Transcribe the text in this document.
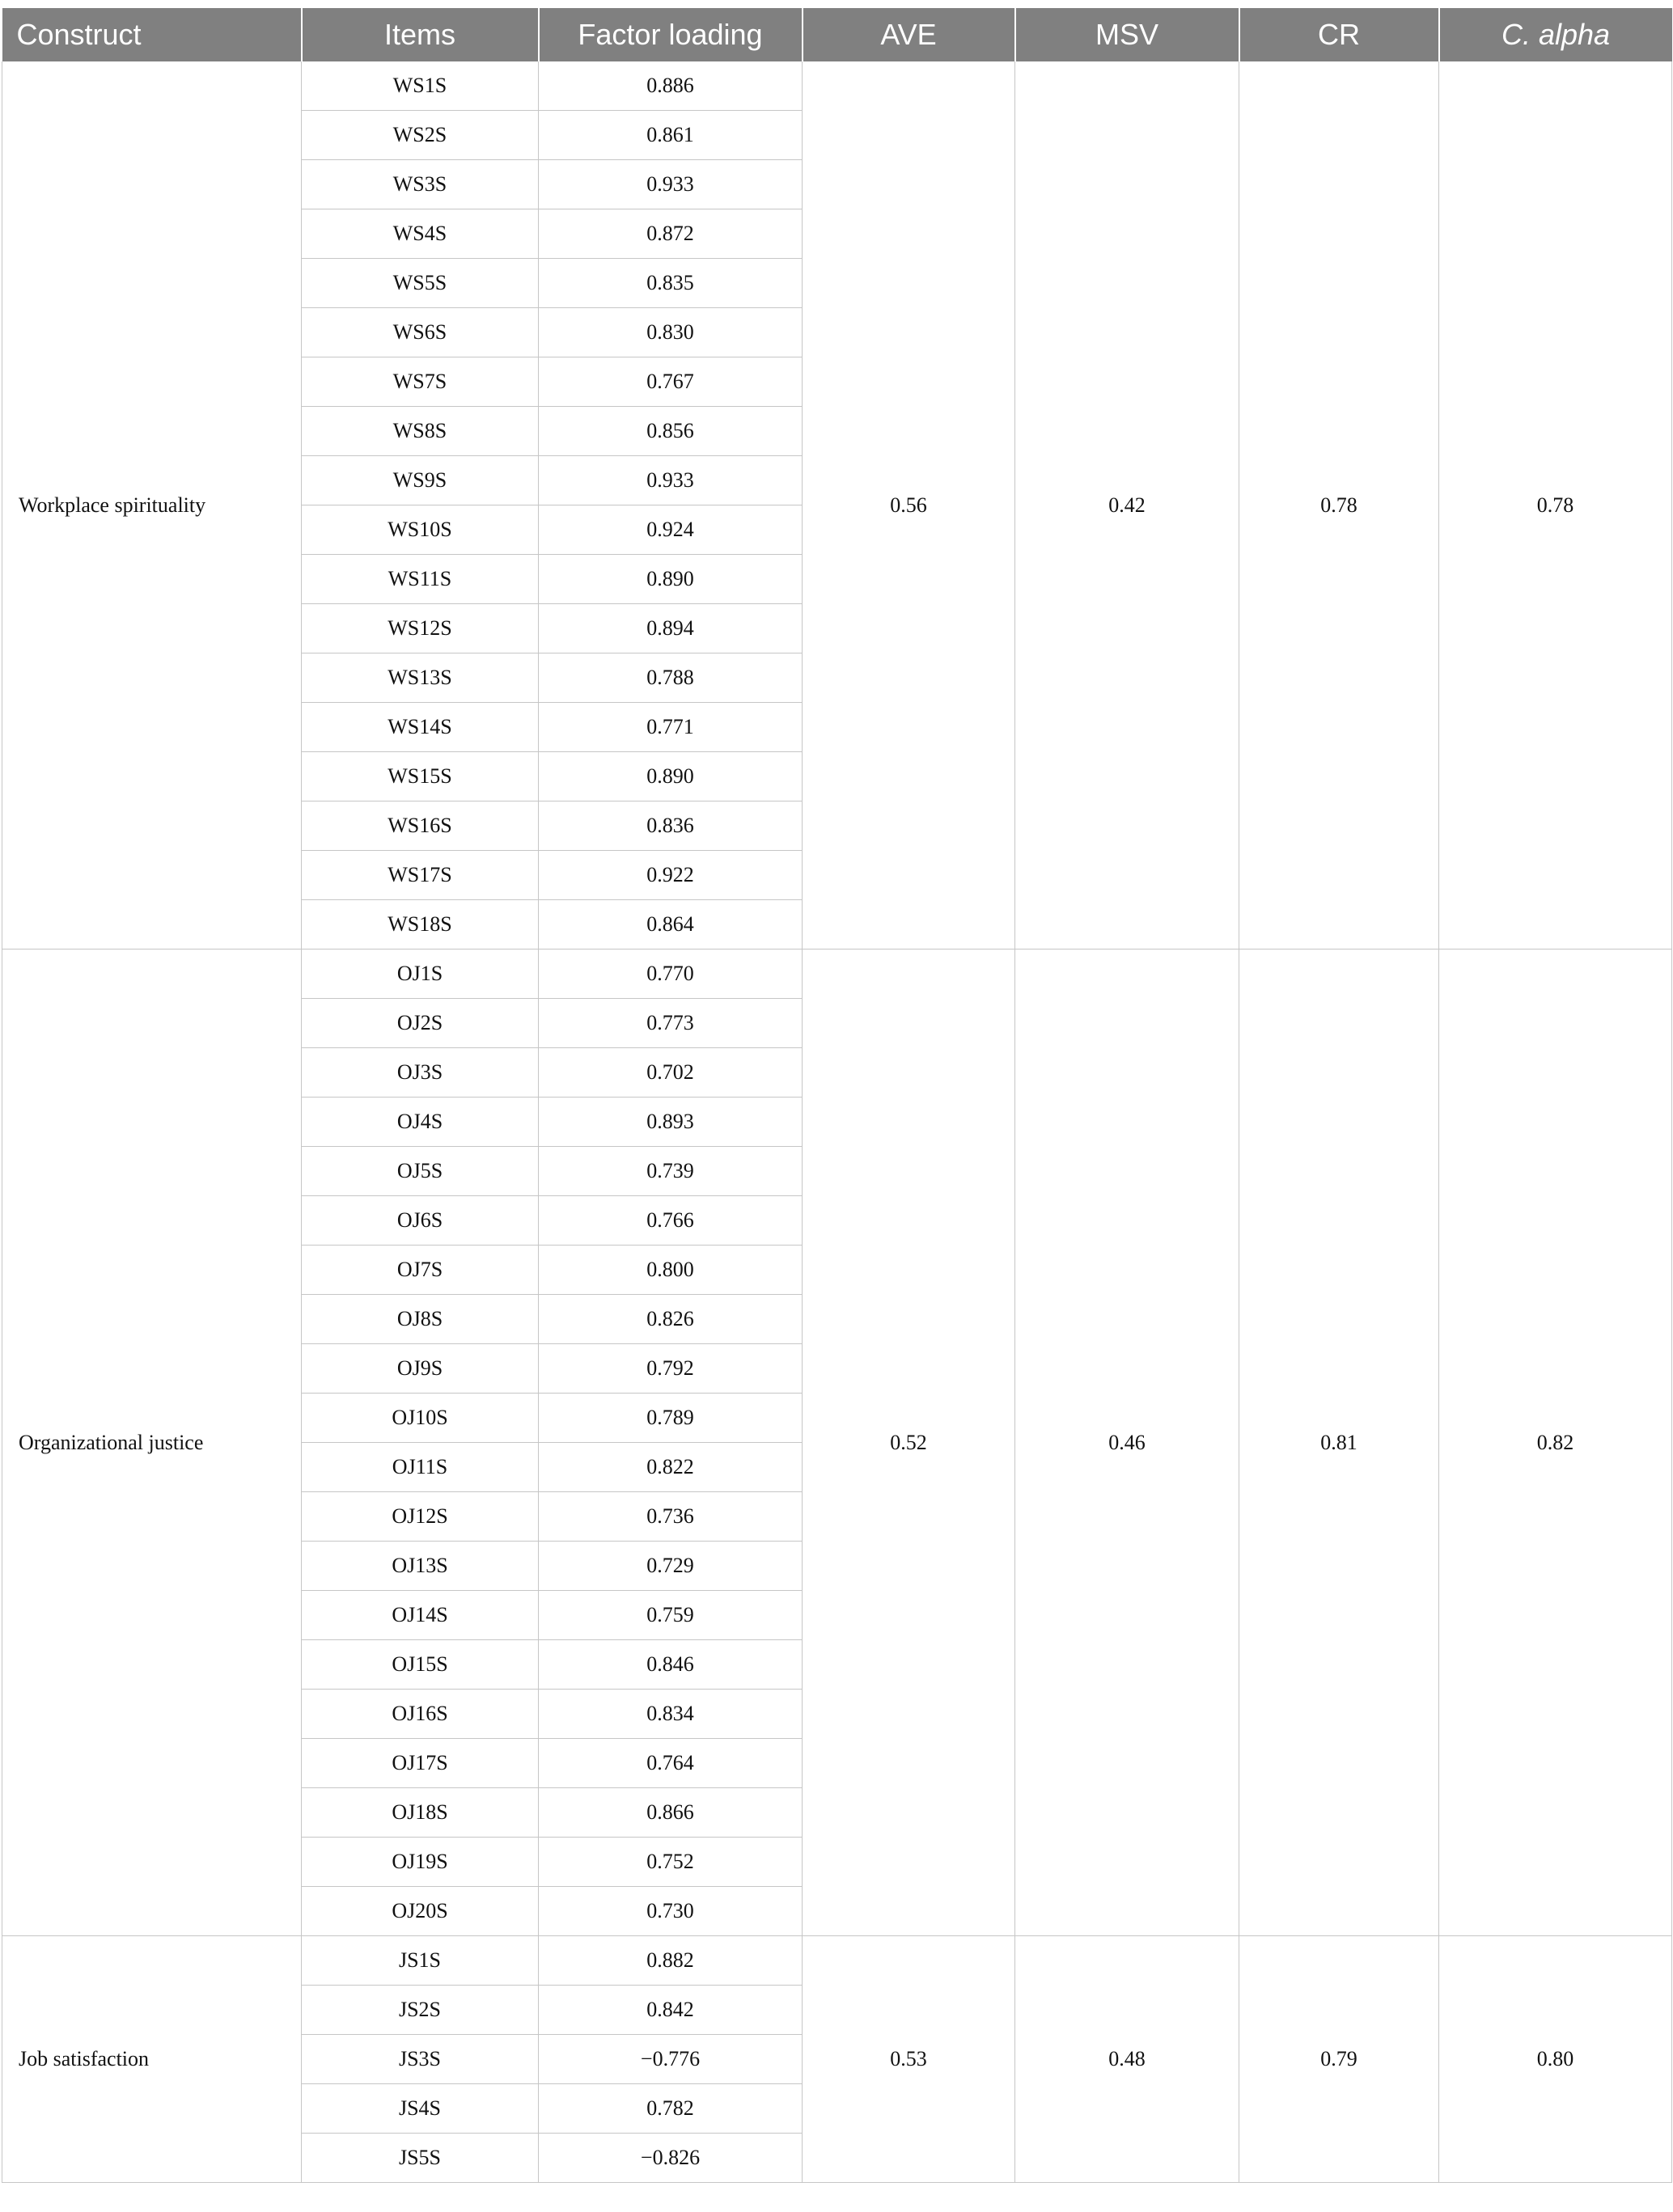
Construct	Items	Factor loading	AVE	MSV	CR	C. alpha
Workplace spirituality	WS1S	0.886	0.56	0.42	0.78	0.78
	WS2S	0.861				
	WS3S	0.933				
	WS4S	0.872				
	WS5S	0.835				
	WS6S	0.830				
	WS7S	0.767				
	WS8S	0.856				
	WS9S	0.933				
	WS10S	0.924				
	WS11S	0.890				
	WS12S	0.894				
	WS13S	0.788				
	WS14S	0.771				
	WS15S	0.890				
	WS16S	0.836				
	WS17S	0.922				
	WS18S	0.864				
Organizational justice	OJ1S	0.770	0.52	0.46	0.81	0.82
	OJ2S	0.773				
	OJ3S	0.702				
	OJ4S	0.893				
	OJ5S	0.739				
	OJ6S	0.766				
	OJ7S	0.800				
	OJ8S	0.826				
	OJ9S	0.792				
	OJ10S	0.789				
	OJ11S	0.822				
	OJ12S	0.736				
	OJ13S	0.729				
	OJ14S	0.759				
	OJ15S	0.846				
	OJ16S	0.834				
	OJ17S	0.764				
	OJ18S	0.866				
	OJ19S	0.752				
	OJ20S	0.730				
Job satisfaction	JS1S	0.882	0.53	0.48	0.79	0.80
	JS2S	0.842				
	JS3S	−0.776				
	JS4S	0.782				
	JS5S	−0.826				
